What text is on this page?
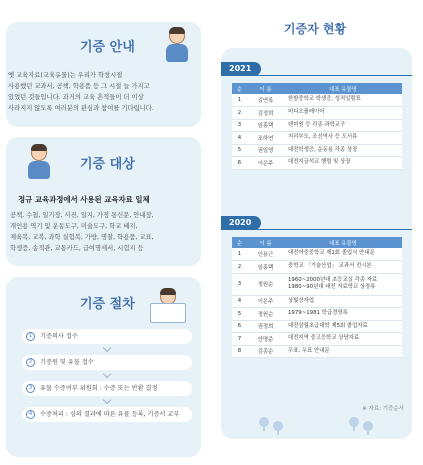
기증 안내
옛 교육자료(교육유물)는 우리가 학창시절
사용했던 교과서, 공책, 학용품 등 그 시절 늘 가지고
있었던 것들입니다. 과거의 교육 흔적들이 더 이상
사라지지 않도록 여러분의 관심과 참여를 기다립니다.
기증 대상
정규 교육과정에서 사용된 교육자료 일체
공책, 수첩, 일기장, 사진, 일지, 가정 통신문, 안내장,
개인용 역기 및 운동도구, 미술도구, 학교 배지,
제육복, 교복, 과학 실험복, 가방, 명찰, 학용품, 교표,
학생증, 송적관, 교통카드, 급여명세서, 시험지 등
기증 절차
1	기증의사 접수
2	기증원 및 유물 접수
3	유물 수증여부 위원회 : 수증 또는 반환 결정
4	수증처리 : 심의 결과에 따른 유물 등록, 기증서 교부
기증자 현황
2021
순	이 름	대표 유물명
1	김연록	한밭중학교 학생증, 성적일람표
2	김정희	비디오플레이어
3	임홍택	텐미원 등 각종 과학교구
4	조하연	지리부도, 조선역사 등 도서류
5	권일영	대전학생증, 운동용 각종 상장
6	이은주	대전지금석교 행렬 및 상장
2020
순	이 름	대표 유물명
1	인용근	대전여중중학교 제1회 졸업식 안내문
2	임홍택	중학교 「기술산업」 교과서 전시본
3	정원순	1960~2000년대 초등교실 각종 자료
1980~90년대 대전 자료학교 상장류
4	이은주	상빛상자업
5	정원순	1979~1981 학급경영록
6	권정희	대전삼월초급대학 제5회 졸업자료
7	안명준	대전지역 중고등학교 상담자료
8	김종순	우표, 우표 안내문
※ 자료: 기증순서
